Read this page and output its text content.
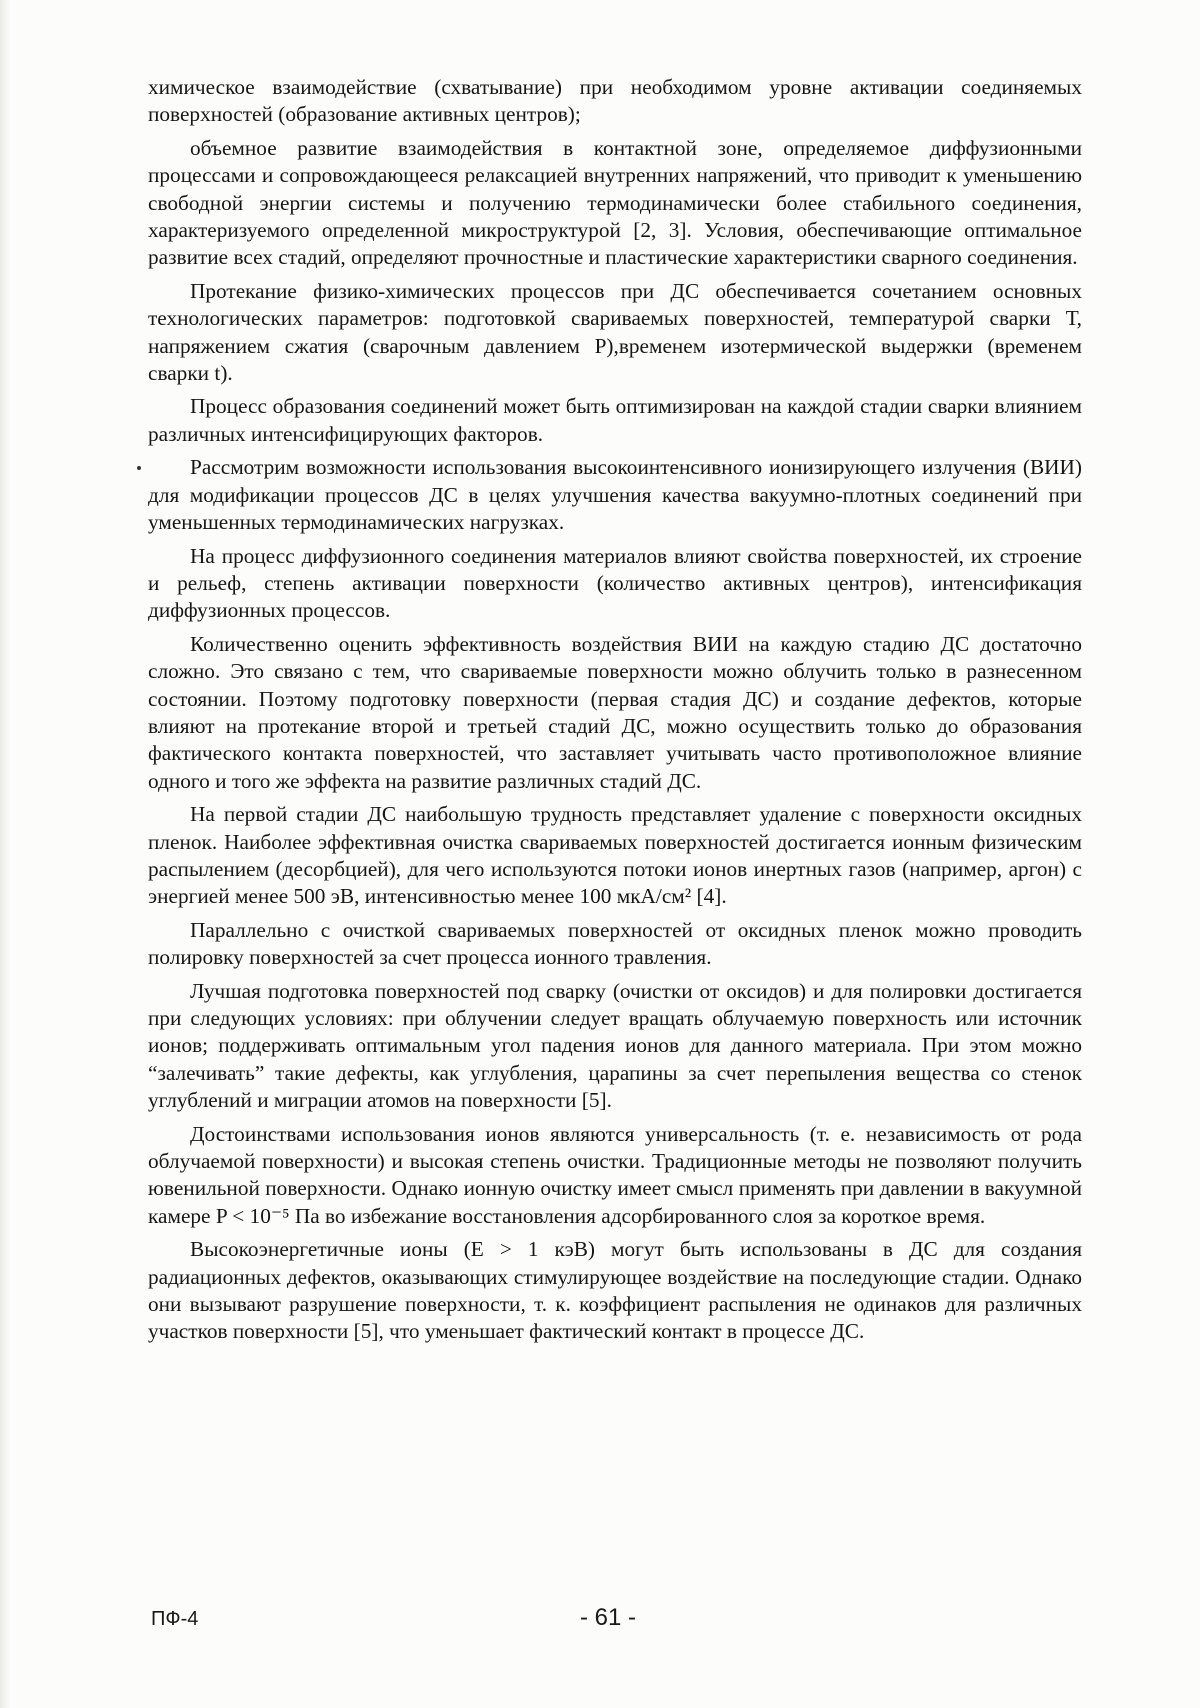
химическое взаимодействие (схватывание) при необходимом уровне активации соединяемых поверхностей (образование активных центров);

объемное развитие взаимодействия в контактной зоне, определяемое диффузионными процессами и сопровождающееся релаксацией внутренних напряжений, что приводит к уменьшению свободной энергии системы и получению термодинамически более стабильного соединения, характеризуемого определенной микроструктурой [2, 3]. Условия, обеспечивающие оптимальное развитие всех стадий, определяют прочностные и пластические характеристики сварного соединения.

Протекание физико-химических процессов при ДС обеспечивается сочетанием основных технологических параметров: подготовкой свариваемых поверхностей, температурой сварки Т, напряжением сжатия (сварочным давлением Р),временем изотермической выдержки (временем сварки t).

Процесс образования соединений может быть оптимизирован на каждой стадии сварки влиянием различных интенсифицирующих факторов.

Рассмотрим возможности использования высокоинтенсивного ионизирующего излучения (ВИИ) для модификации процессов ДС в целях улучшения качества вакуумно-плотных соединений при уменьшенных термодинамических нагрузках.

На процесс диффузионного соединения материалов влияют свойства поверхностей, их строение и рельеф, степень активации поверхности (количество активных центров), интенсификация диффузионных процессов.

Количественно оценить эффективность воздействия ВИИ на каждую стадию ДС достаточно сложно. Это связано с тем, что свариваемые поверхности можно облучить только в разнесенном состоянии. Поэтому подготовку поверхности (первая стадия ДС) и создание дефектов, которые влияют на протекание второй и третьей стадий ДС, можно осуществить только до образования фактического контакта поверхностей, что заставляет учитывать часто противоположное влияние одного и того же эффекта на развитие различных стадий ДС.

На первой стадии ДС наибольшую трудность представляет удаление с поверхности оксидных пленок. Наиболее эффективная очистка свариваемых поверхностей достигается ионным физическим распылением (десорбцией), для чего используются потоки ионов инертных газов (например, аргон) с энергией менее 500 эВ, интенсивностью менее 100 мкА/см² [4].

Параллельно с очисткой свариваемых поверхностей от оксидных пленок можно проводить полировку поверхностей за счет процесса ионного травления.

Лучшая подготовка поверхностей под сварку (очистки от оксидов) и для полировки достигается при следующих условиях: при облучении следует вращать облучаемую поверхность или источник ионов; поддерживать оптимальным угол падения ионов для данного материала. При этом можно “залечивать” такие дефекты, как углубления, царапины за счет перепыления вещества со стенок углублений и миграции атомов на поверхности [5].

Достоинствами использования ионов являются универсальность (т. е. независимость от рода облучаемой поверхности) и высокая степень очистки. Традиционные методы не позволяют получить ювенильной поверхности. Однако ионную очистку имеет смысл применять при давлении в вакуумной камере P < 10⁻⁵ Па во избежание восстановления адсорбированного слоя за короткое время.

Высокоэнергетичные ионы (E > 1 кэВ) могут быть использованы в ДС для создания радиационных дефектов, оказывающих стимулирующее воздействие на последующие стадии. Однако они вызывают разрушение поверхности, т. к. коэффициент распыления не одинаков для различных участков поверхности [5], что уменьшает фактический контакт в процессе ДС.

ПФ-4	- 61 -
